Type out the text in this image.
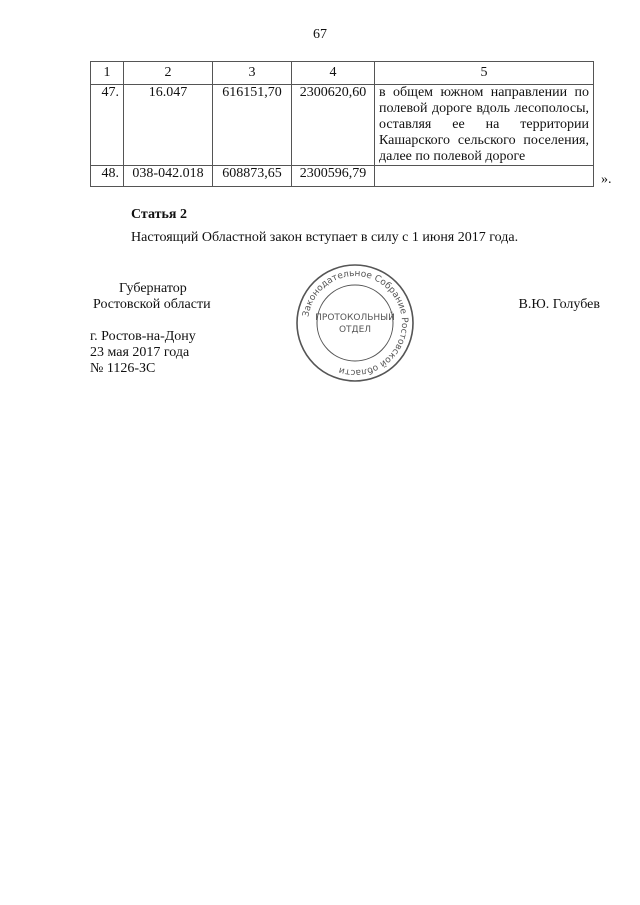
67
1	2	3	4	5
47.	16.047	616151,70	2300620,60	в общем южном направлении по полевой дороге вдоль лесополосы, оставляя ее на территории Кашарского сельского поселения, далее по полевой дороге
48.	038-042.018	608873,65	2300596,79		».
Статья 2
Настоящий Областной закон вступает в силу с 1 июня 2017 года.
Губернатор
Ростовской области	В.Ю. Голубев
г. Ростов-на-Дону
23 мая 2017 года
№ 1126-ЗС
Законодательное Собрание Ростовской области
ПРОТОКОЛЬНЫЙ
ОТДЕЛ
